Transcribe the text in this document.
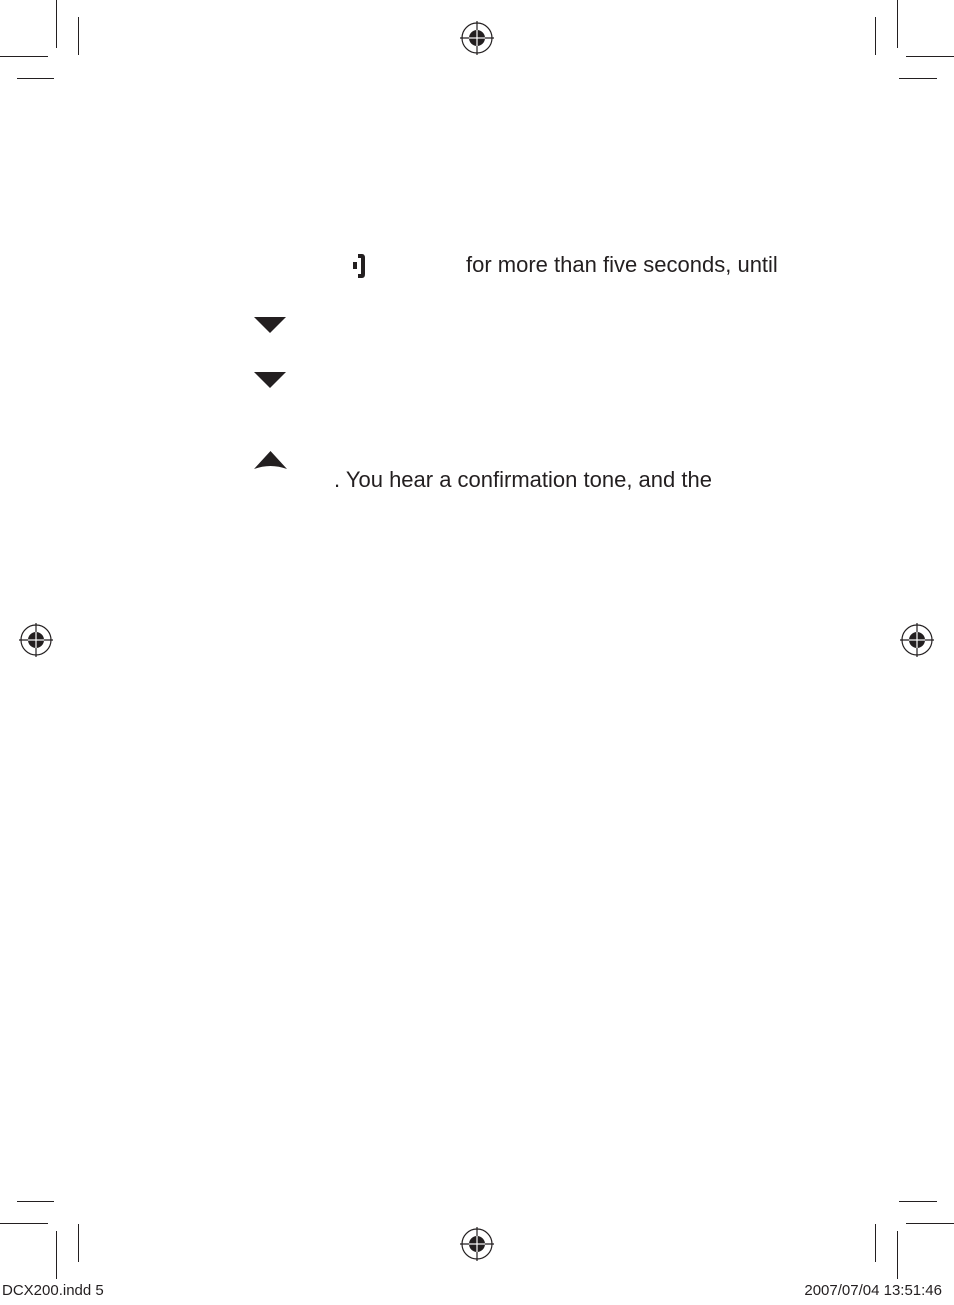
for more than five seconds, until
. You hear a confirmation tone, and the
DCX200.indd 5	2007/07/04 13:51:46
